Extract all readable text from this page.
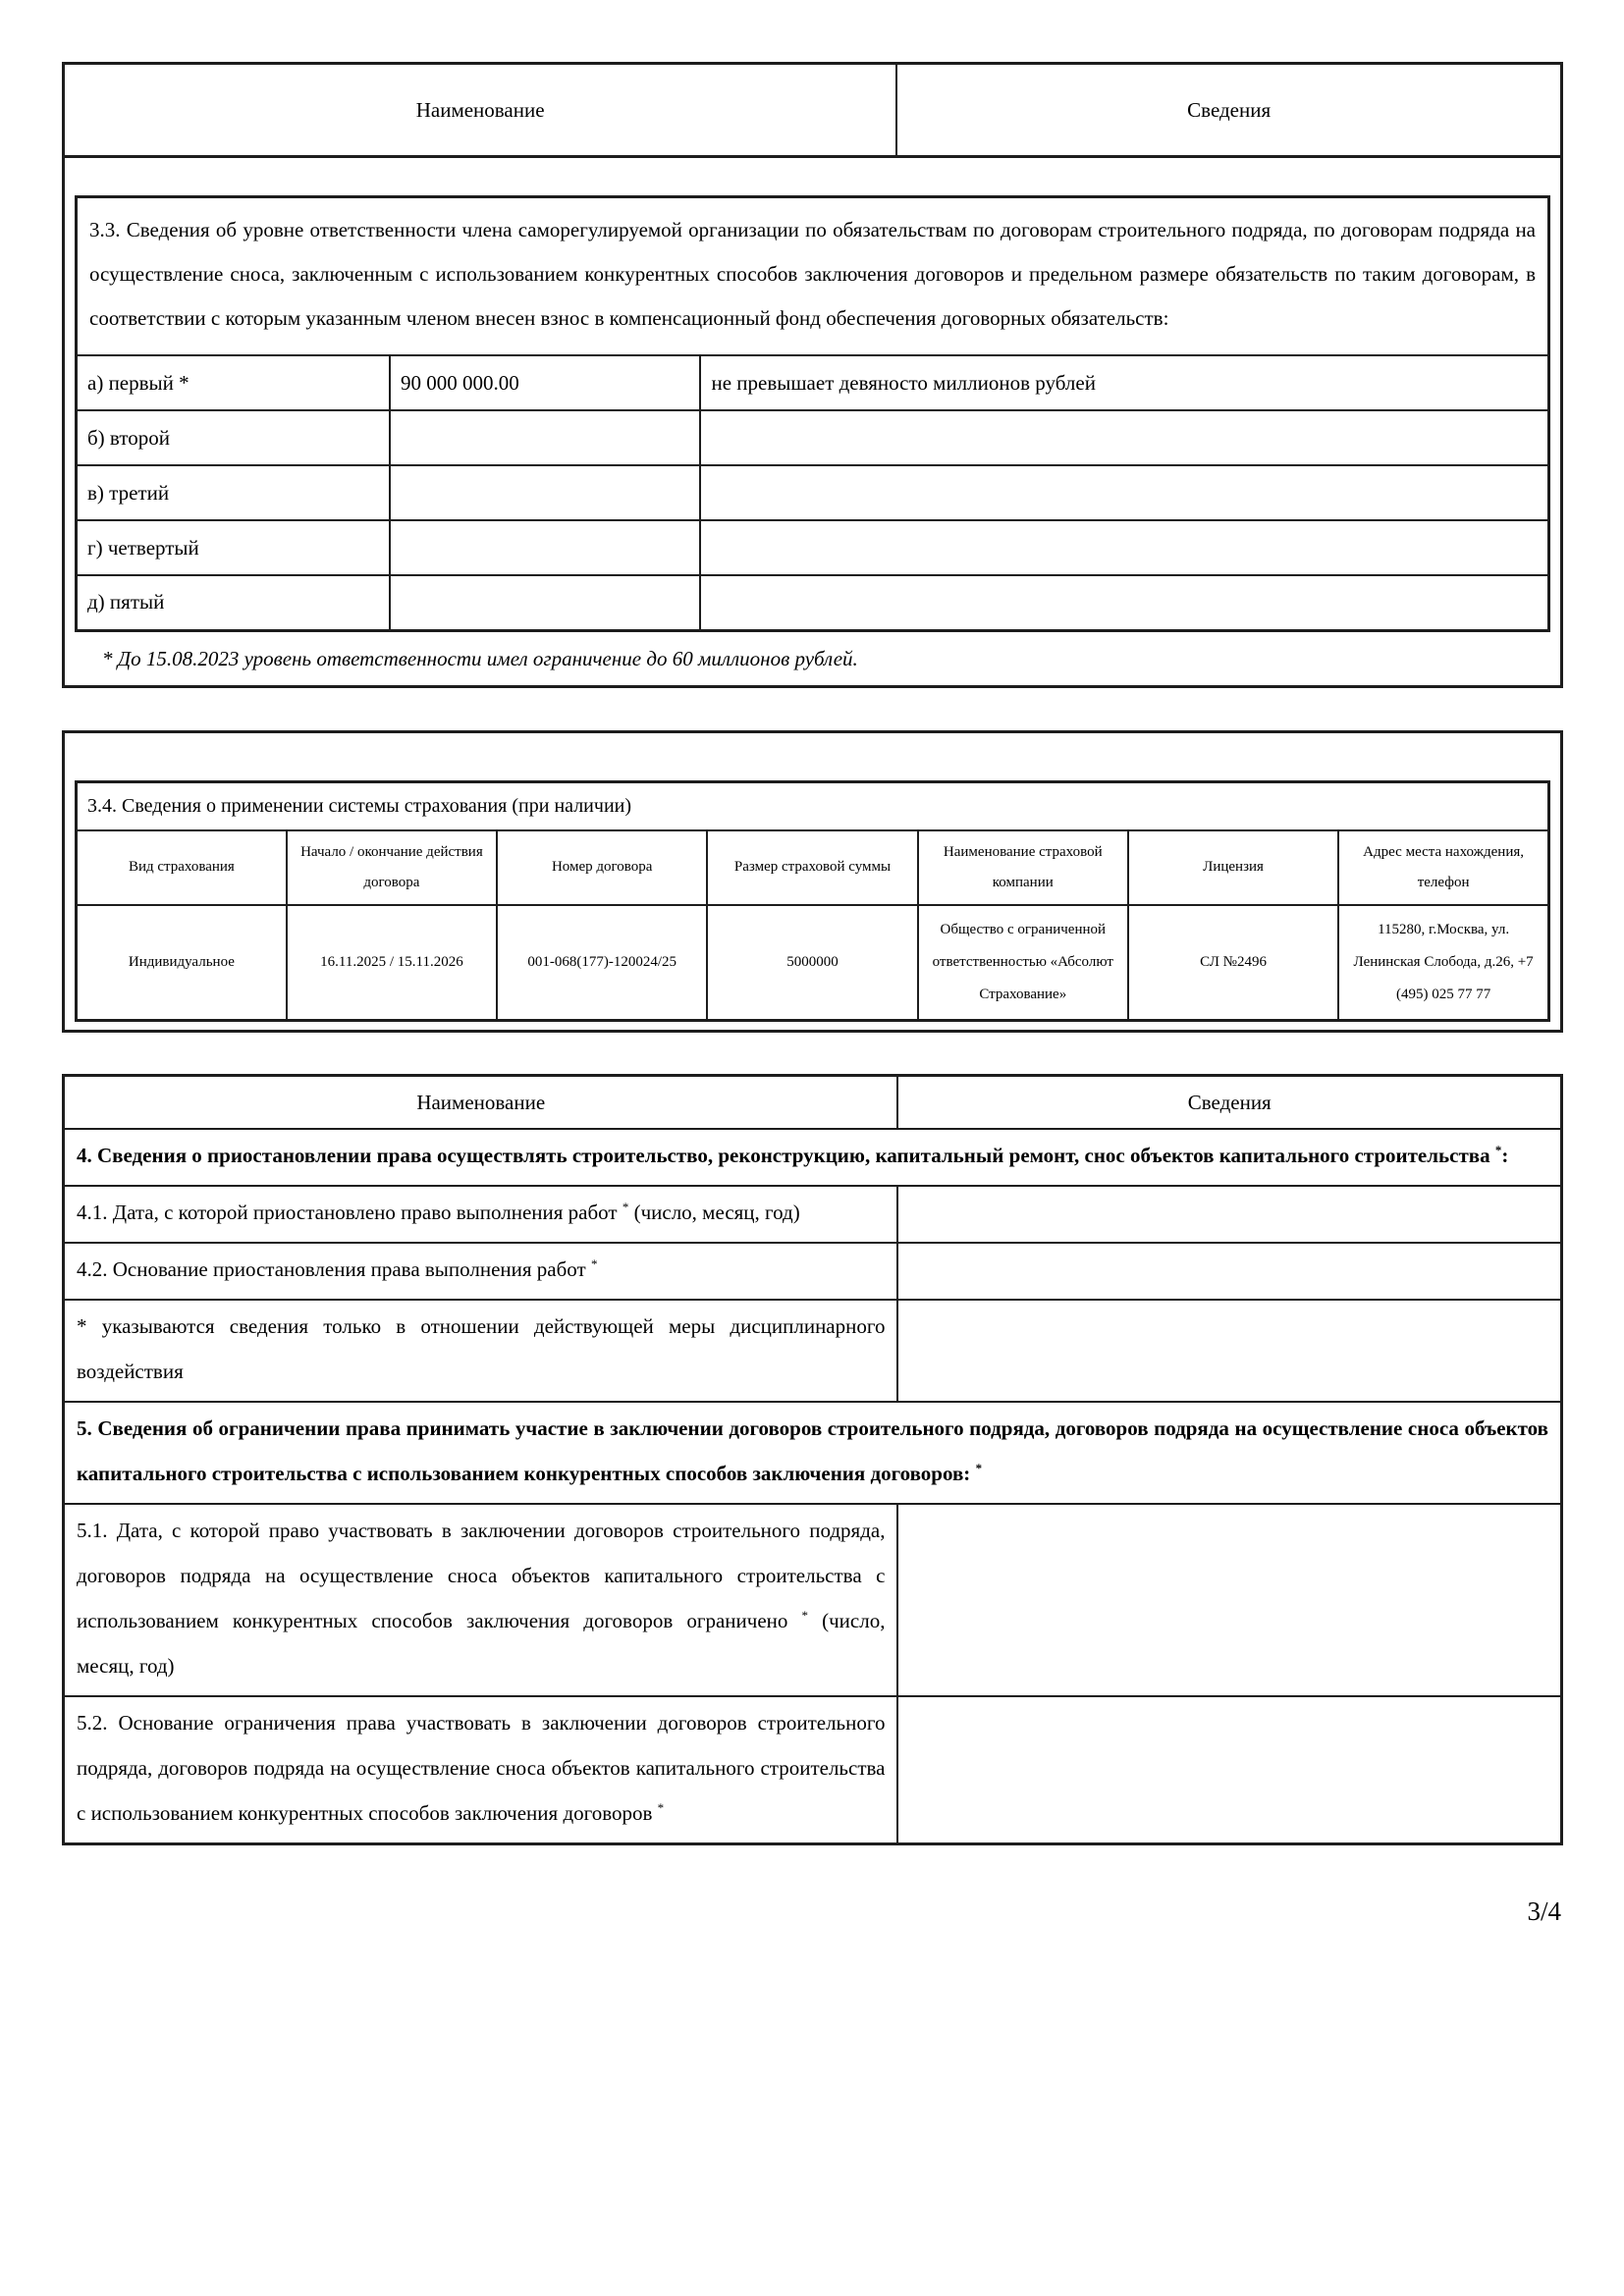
Наименование	Сведения
3.3. Сведения об уровне ответственности члена саморегулируемой организации по обязательствам по договорам строительного подряда, по договорам подряда на осуществление сноса, заключенным с использованием конкурентных способов заключения договоров и предельном размере обязательств по таким договорам, в соответствии с которым указанным членом внесен взнос в компенсационный фонд обеспечения договорных обязательств:		
а) первый *	90 000 000.00	не превышает девяносто миллионов рублей
б) второй		
в) третий		
г) четвертый		
д) пятый		
* До 15.08.2023 уровень ответственности имел ограничение до 60 миллионов рублей.
3.4. Сведения о применении системы страхования (при наличии)						
Вид страхования	Начало / окончание действия договора	Номер договора	Размер страховой суммы	Наименование страховой компании	Лицензия	Адрес места нахождения, телефон
Индивидуальное	16.11.2025 / 15.11.2026	001-068(177)-120024/25	5000000	Общество с ограниченной ответственностью «Абсолют Страхование»	СЛ №2496	115280, г.Москва, ул. Ленинская Слобода, д.26, +7 (495) 025 77 77
Наименование	Сведения
4. Сведения о приостановлении права осуществлять строительство, реконструкцию, капитальный ремонт, снос объектов капитального строительства *:	
4.1. Дата, с которой приостановлено право выполнения работ * (число, месяц, год)	
4.2. Основание приостановления права выполнения работ *	
* указываются сведения только в отношении действующей меры дисциплинарного воздействия	
5. Сведения об ограничении права принимать участие в заключении договоров строительного подряда, договоров подряда на осуществление сноса объектов капитального строительства с использованием конкурентных способов заключения договоров: *
5.1. Дата, с которой право участвовать в заключении договоров строительного подряда, договоров подряда на осуществление сноса объектов капитального строительства с использованием конкурентных способов заключения договоров ограничено * (число, месяц, год)	
5.2. Основание ограничения права участвовать в заключении договоров строительного подряда, договоров подряда на осуществление сноса объектов капитального строительства с использованием конкурентных способов заключения договоров *	
3/4
